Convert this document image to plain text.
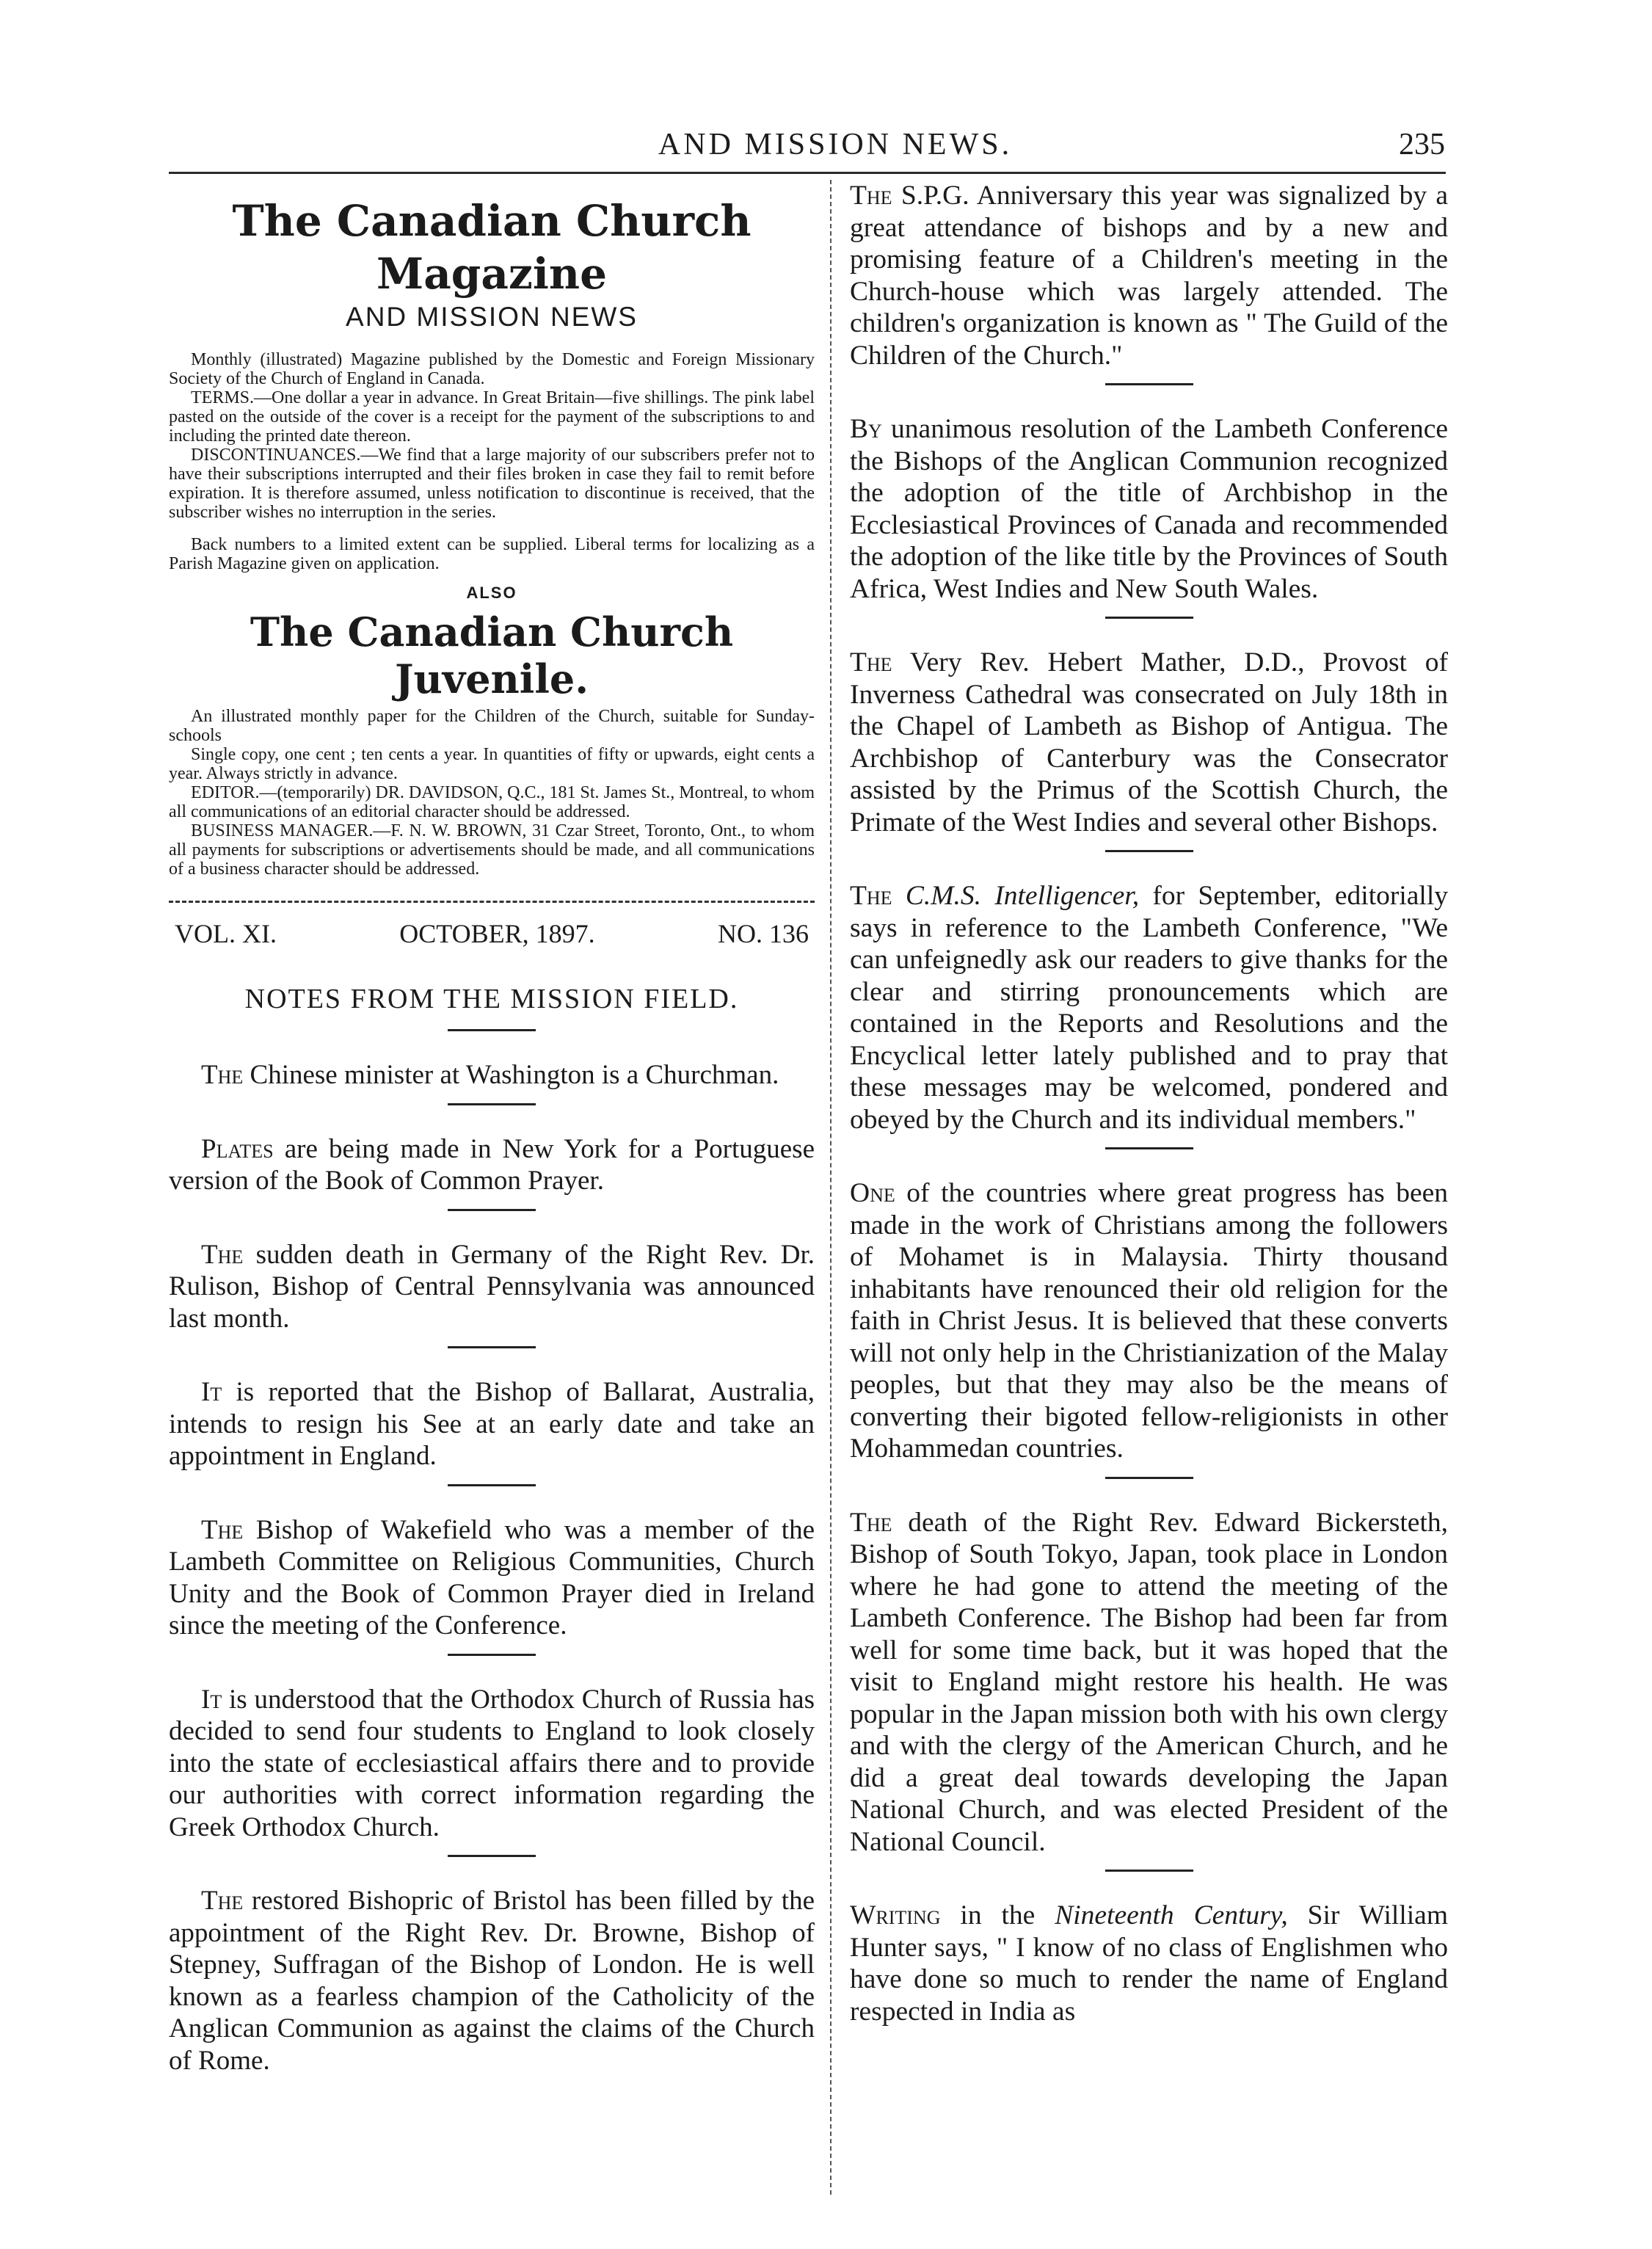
AND MISSION NEWS.	235
The Canadian Church Magazine
AND MISSION NEWS

Monthly (illustrated) Magazine published by the Domestic and Foreign Missionary Society of the Church of England in Canada.

TERMS.—One dollar a year in advance. In Great Britain—five shillings. The pink label pasted on the outside of the cover is a receipt for the payment of the subscriptions to and including the printed date thereon.

DISCONTINUANCES.—We find that a large majority of our subscribers prefer not to have their subscriptions interrupted and their files broken in case they fail to remit before expiration. It is therefore assumed, unless notification to discontinue is received, that the subscriber wishes no interruption in the series.

Back numbers to a limited extent can be supplied. Liberal terms for localizing as a Parish Magazine given on application.

ALSO
The Canadian Church Juvenile.

An illustrated monthly paper for the Children of the Church, suitable for Sunday-schools

Single copy, one cent ; ten cents a year. In quantities of fifty or upwards, eight cents a year. Always strictly in advance.

EDITOR.—(temporarily) DR. DAVIDSON, Q.C., 181 St. James St., Montreal, to whom all communications of an editorial character should be addressed.

BUSINESS MANAGER.—F. N. W. BROWN, 31 Czar Street, Toronto, Ont., to whom all payments for subscriptions or advertisements should be made, and all communications of a business character should be addressed.

VOL. XI.	OCTOBER, 1897.	NO. 136
NOTES FROM THE MISSION FIELD.

The Chinese minister at Washington is a Churchman.

Plates are being made in New York for a Portuguese version of the Book of Common Prayer.

The sudden death in Germany of the Right Rev. Dr. Rulison, Bishop of Central Pennsylvania was announced last month.

It is reported that the Bishop of Ballarat, Australia, intends to resign his See at an early date and take an appointment in England.

The Bishop of Wakefield who was a member of the Lambeth Committee on Religious Communities, Church Unity and the Book of Common Prayer died in Ireland since the meeting of the Conference.

It is understood that the Orthodox Church of Russia has decided to send four students to England to look closely into the state of ecclesiastical affairs there and to provide our authorities with correct information regarding the Greek Orthodox Church.

The restored Bishopric of Bristol has been filled by the appointment of the Right Rev. Dr. Browne, Bishop of Stepney, Suffragan of the Bishop of London. He is well known as a fearless champion of the Catholicity of the Anglican Communion as against the claims of the Church of Rome.

The S.P.G. Anniversary this year was signalized by a great attendance of bishops and by a new and promising feature of a Children's meeting in the Church-house which was largely attended. The children's organization is known as " The Guild of the Children of the Church."

By unanimous resolution of the Lambeth Conference the Bishops of the Anglican Communion recognized the adoption of the title of Archbishop in the Ecclesiastical Provinces of Canada and recommended the adoption of the like title by the Provinces of South Africa, West Indies and New South Wales.

The Very Rev. Hebert Mather, D.D., Provost of Inverness Cathedral was consecrated on July 18th in the Chapel of Lambeth as Bishop of Antigua. The Archbishop of Canterbury was the Consecrator assisted by the Primus of the Scottish Church, the Primate of the West Indies and several other Bishops.

The C.M.S. Intelligencer, for September, editorially says in reference to the Lambeth Conference, "We can unfeignedly ask our readers to give thanks for the clear and stirring pronouncements which are contained in the Reports and Resolutions and the Encyclical letter lately published and to pray that these messages may be welcomed, pondered and obeyed by the Church and its individual members."

One of the countries where great progress has been made in the work of Christians among the followers of Mohamet is in Malaysia. Thirty thousand inhabitants have renounced their old religion for the faith in Christ Jesus. It is believed that these converts will not only help in the Christianization of the Malay peoples, but that they may also be the means of converting their bigoted fellow-religionists in other Mohammedan countries.

The death of the Right Rev. Edward Bickersteth, Bishop of South Tokyo, Japan, took place in London where he had gone to attend the meeting of the Lambeth Conference. The Bishop had been far from well for some time back, but it was hoped that the visit to England might restore his health. He was popular in the Japan mission both with his own clergy and with the clergy of the American Church, and he did a great deal towards developing the Japan National Church, and was elected President of the National Council.

Writing in the Nineteenth Century, Sir William Hunter says, " I know of no class of Englishmen who have done so much to render the name of England respected in India as
